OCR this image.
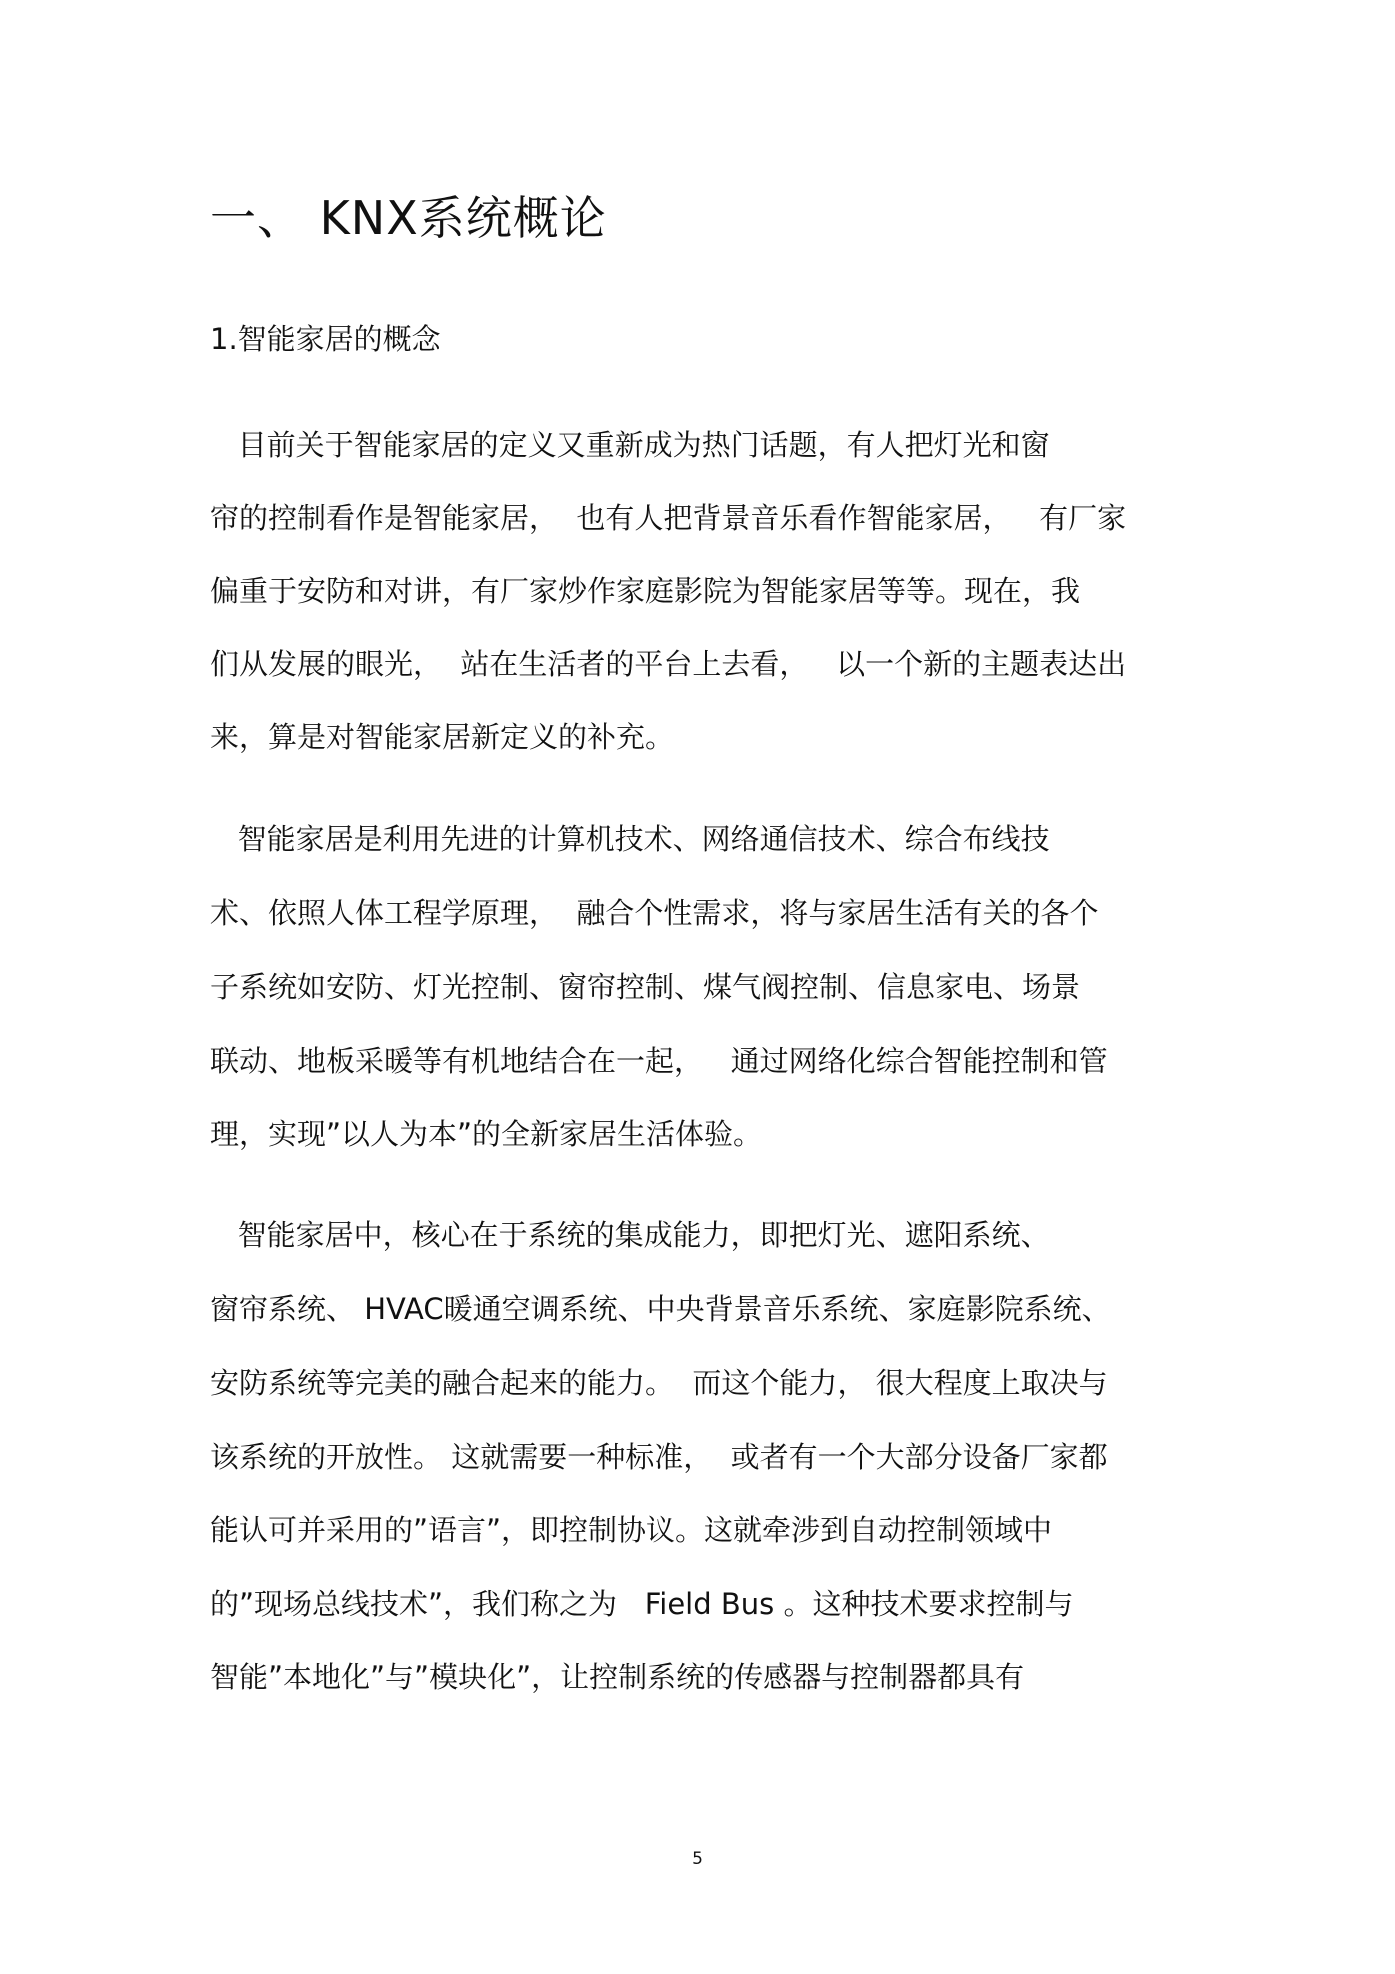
一、 KNX系统概论
1.智能家居的概念
目前关于智能家居的定义又重新成为热门话题，有人把灯光和窗
帘的控制看作是智能家居，  也有人把背景音乐看作智能家居，   有厂家
偏重于安防和对讲，有厂家炒作家庭影院为智能家居等等。现在，我
们从发展的眼光，  站在生活者的平台上去看，   以一个新的主题表达出
来，算是对智能家居新定义的补充。
智能家居是利用先进的计算机技术、网络通信技术、综合布线技
术、依照人体工程学原理，  融合个性需求，将与家居生活有关的各个
子系统如安防、灯光控制、窗帘控制、煤气阀控制、信息家电、场景
联动、地板采暖等有机地结合在一起，   通过网络化综合智能控制和管
理，实现”以人为本”的全新家居生活体验。
智能家居中，核心在于系统的集成能力，即把灯光、遮阳系统、
窗帘系统、 HVAC暖通空调系统、中央背景音乐系统、家庭影院系统、
安防系统等完美的融合起来的能力。  而这个能力， 很大程度上取决与
该系统的开放性。 这就需要一种标准，  或者有一个大部分设备厂家都
能认可并采用的”语言”，即控制协议。这就牵涉到自动控制领域中
的”现场总线技术”，我们称之为   Field Bus 。这种技术要求控制与
智能”本地化”与”模块化”，让控制系统的传感器与控制器都具有
5
